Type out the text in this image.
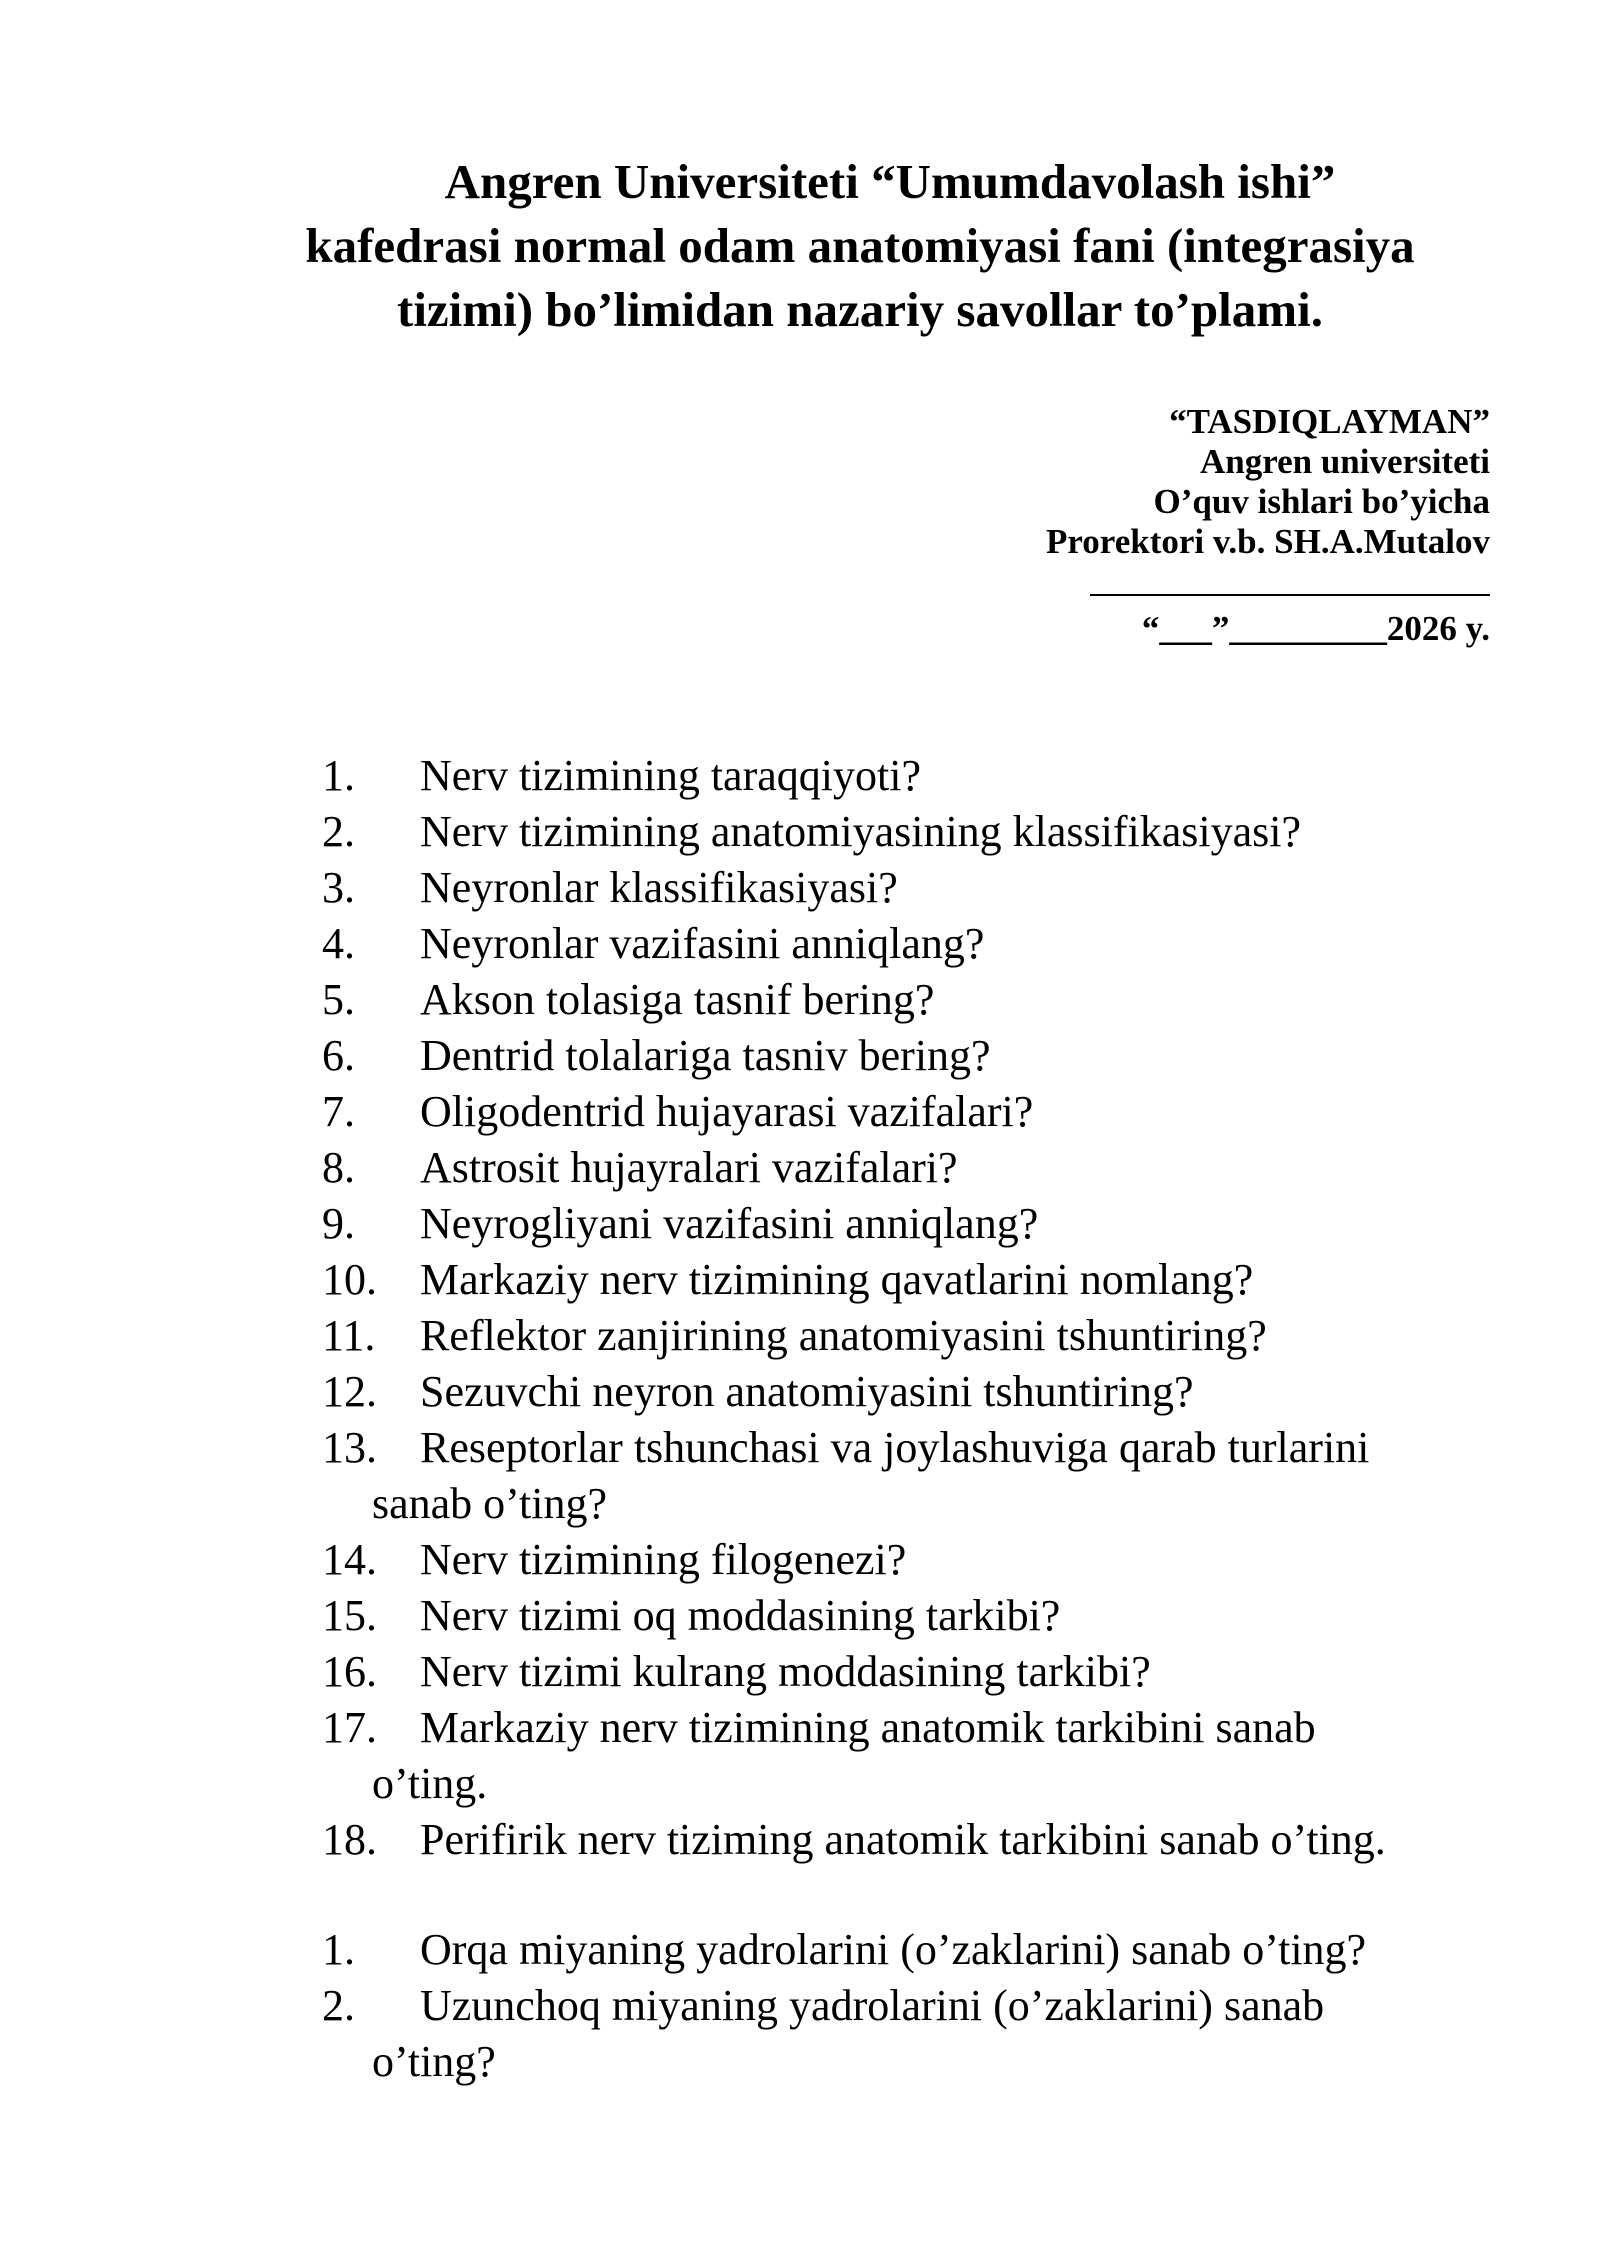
Angren Universiteti “Umumdavolash ishi”
kafedrasi normal odam anatomiyasi fani (integrasiya
tizimi) bo’limidan nazariy savollar to’plami.
“TASDIQLAYMAN”
Angren universiteti
O’quv ishlari bo’yicha
Prorektori v.b. SH.A.Mutalov
“___”_________2026 y.
1.	Nerv tizimining taraqqiyoti?
2.	Nerv tizimining anatomiyasining klassifikasiyasi?
3.	Neyronlar klassifikasiyasi?
4.	Neyronlar vazifasini anniqlang?
5.	Akson tolasiga tasnif bering?
6.	Dentrid tolalariga tasniv bering?
7.	Oligodentrid hujayarasi vazifalari?
8.	Astrosit hujayralari vazifalari?
9.	Neyrogliyani vazifasini anniqlang?
10. Markaziy nerv tizimining qavatlarini nomlang?
11.	Reflektor zanjirining anatomiyasini tshuntiring?
12. Sezuvchi neyron anatomiyasini tshuntiring?
13. Reseptorlar tshunchasi va joylashuviga qarab turlarini
sanab o’ting?
14. Nerv tizimining filogenezi?
15. Nerv tizimi oq moddasining tarkibi?
16. Nerv tizimi kulrang moddasining tarkibi?
17. Markaziy nerv tizimining anatomik tarkibini sanab
o’ting.
18. Perifirik nerv tiziming anatomik tarkibini sanab o’ting.
1.	Orqa miyaning yadrolarini (o’zaklarini) sanab o’ting?
2.	Uzunchoq miyaning yadrolarini (o’zaklarini) sanab
o’ting?
